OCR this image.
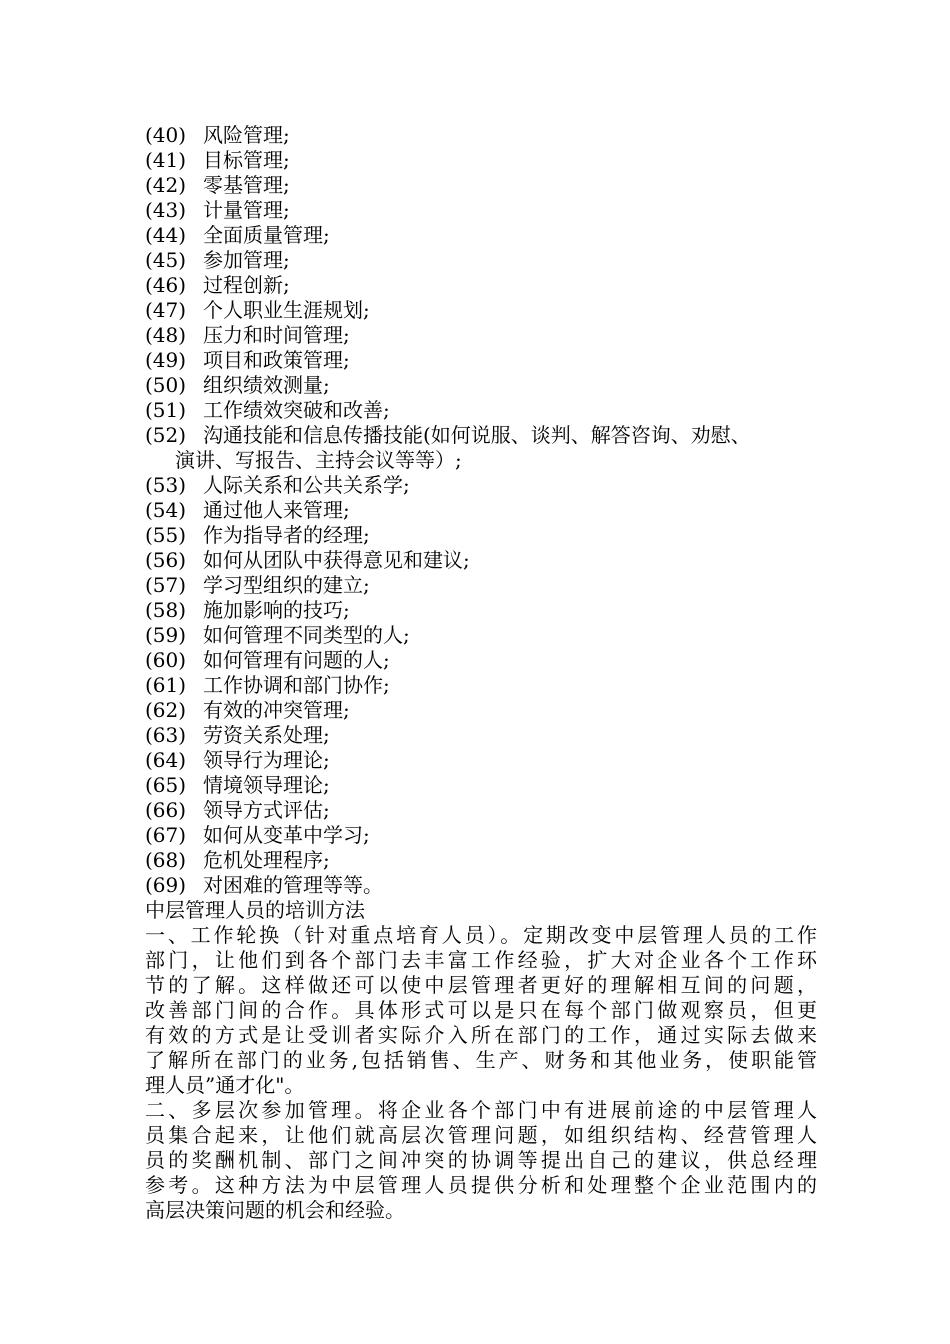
(40) 风险管理;
(41) 目标管理;
(42) 零基管理;
(43) 计量管理;
(44) 全面质量管理;
(45) 参加管理;
(46) 过程创新;
(47) 个人职业生涯规划;
(48) 压力和时间管理;
(49) 项目和政策管理;
(50) 组织绩效测量;
(51) 工作绩效突破和改善;
(52) 沟通技能和信息传播技能(如何说服、谈判、解答咨询、劝慰、
演讲、写报告、主持会议等等）;
(53) 人际关系和公共关系学;
(54) 通过他人来管理;
(55) 作为指导者的经理;
(56) 如何从团队中获得意见和建议;
(57) 学习型组织的建立;
(58) 施加影响的技巧;
(59) 如何管理不同类型的人;
(60) 如何管理有问题的人;
(61) 工作协调和部门协作;
(62) 有效的冲突管理;
(63) 劳资关系处理;
(64) 领导行为理论;
(65) 情境领导理论;
(66) 领导方式评估;
(67) 如何从变革中学习;
(68) 危机处理程序;
(69) 对困难的管理等等。

中层管理人员的培训方法

一、工作轮换（针对重点培育人员）。定期改变中层管理人员的工作
部门，让他们到各个部门去丰富工作经验，扩大对企业各个工作环
节的了解。这样做还可以使中层管理者更好的理解相互间的问题，
改善部门间的合作。具体形式可以是只在每个部门做观察员，但更
有效的方式是让受训者实际介入所在部门的工作，通过实际去做来
了解所在部门的业务,包括销售、生产、财务和其他业务，使职能管
理人员”通才化"。

二、多层次参加管理。将企业各个部门中有进展前途的中层管理人
员集合起来，让他们就高层次管理问题，如组织结构、经营管理人
员的奖酬机制、部门之间冲突的协调等提出自己的建议，供总经理
参考。这种方法为中层管理人员提供分析和处理整个企业范围内的
高层决策问题的机会和经验。
